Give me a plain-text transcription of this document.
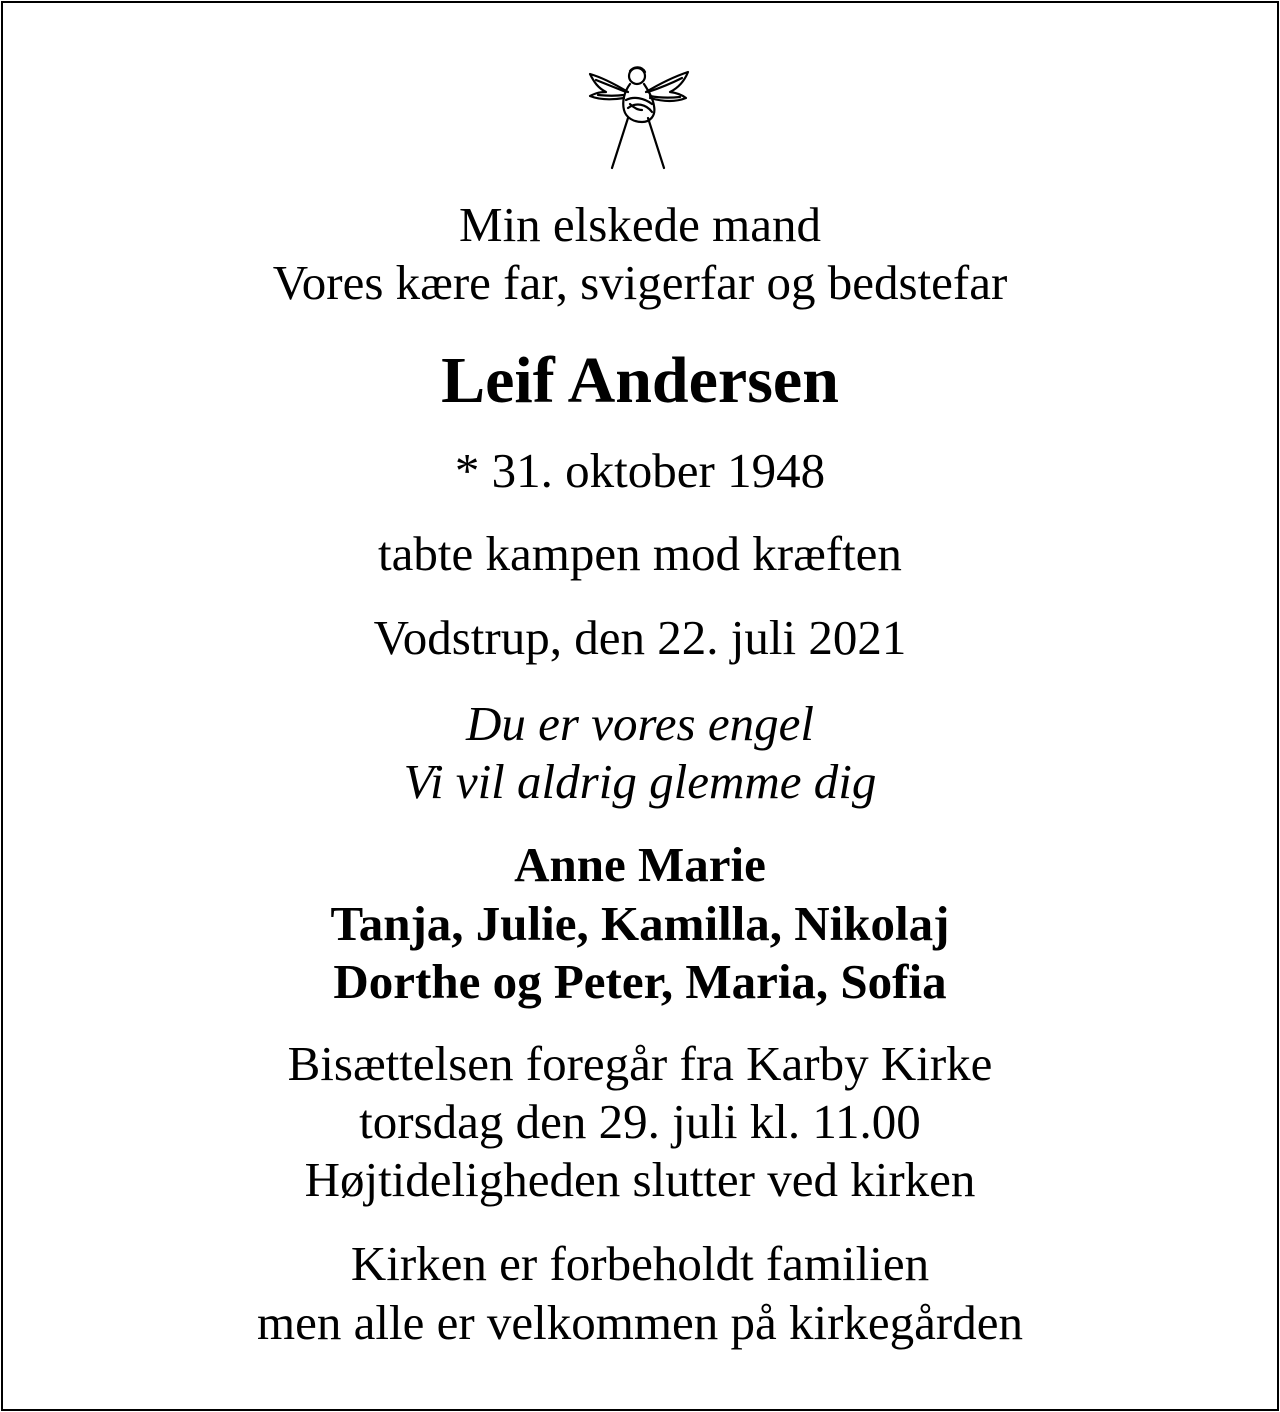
Min elskede mand
Vores kære far, svigerfar og bedstefar
Leif Andersen
* 31. oktober 1948
tabte kampen mod kræften
Vodstrup, den 22. juli 2021
Du er vores engel
Vi vil aldrig glemme dig
Anne Marie
Tanja, Julie, Kamilla, Nikolaj
Dorthe og Peter, Maria, Sofia
Bisættelsen foregår fra Karby Kirke
torsdag den 29. juli kl. 11.00
Højtideligheden slutter ved kirken
Kirken er forbeholdt familien
men alle er velkommen på kirkegården
